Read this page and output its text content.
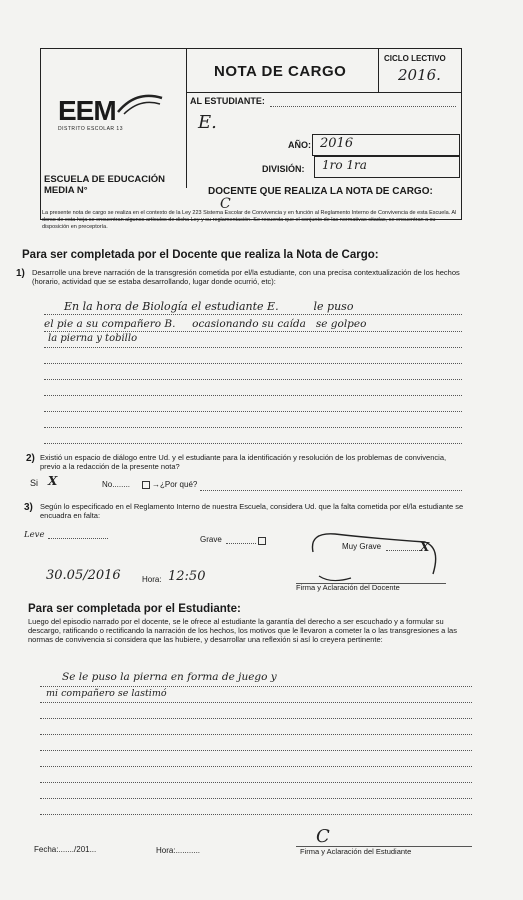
NOTA DE CARGO
CICLO LECTIVO
2016.
EEM
DISTRITO ESCOLAR 13
AL ESTUDIANTE:
E.
AÑO: 2016
DIVISIÓN: 1ro 1ra
ESCUELA DE EDUCACIÓN MEDIA N°	DOCENTE QUE REALIZA LA NOTA DE CARGO:
C
La presente nota de cargo se realiza en el contexto de la Ley 223 Sistema Escolar de Convivencia y en función al Reglamento Interno de Convivencia de esta Escuela. Al dorso de esta hoja se encuentran algunos artículos de dicha Ley y su reglamentación. Se recuerda que el conjunto de las normativas citadas, se encuentran a su disposición en preceptoría.
Para ser completada por el Docente que realiza la Nota de Cargo:
1) Desarrolle una breve narración de la transgresión cometida por el/la estudiante, con una precisa contextualización de los hechos (horario, actividad que se estaba desarrollando, lugar donde ocurrió, etc):
En la hora de Biología el estudiante E.          le puso
el pie a su compañero B.     ocasionando su caída   se golpeo
la pierna y tobillo
2) Existió un espacio de diálogo entre Ud. y el estudiante para la identificación y resolución de los problemas de convivencia, previo a la redacción de la presente nota?
Si X	No........	→¿Por qué?
3) Según lo especificado en el Reglamento Interno de nuestra Escuela, considera Ud. que la falta cometida por el/la estudiante se encuadra en falta:
Leve	Grave
Muy Grave	X
30.05/2016	Hora: 12:50
Firma y Aclaración del Docente
Para ser completada por el Estudiante:
Luego del episodio narrado por el docente, se le ofrece al estudiante la garantía del derecho a ser escuchado y a formular su descargo, ratificando o rectificando la narración de los hechos, los motivos que le llevaron a cometer la o las transgresiones a las normas de convivencia si considera que las hubiere, y desarrollar una reflexión si así lo creyera pertinente:
Se le puso la pierna en forma de juego y
mi compañero se lastimó
Fecha:......./201...	Hora:...........
C
Firma y Aclaración del Estudiante
